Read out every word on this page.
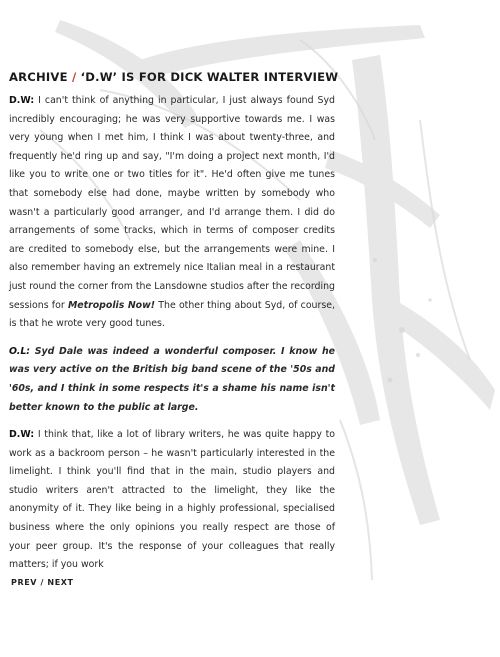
ARCHIVE / ‘D.W’ IS FOR DICK WALTER INTERVIEW

D.W: I can't think of anything in particular, I just always found Syd incredibly encouraging; he was very supportive towards me. I was very young when I met him, I think I was about twenty-three, and frequently he'd ring up and say, "I'm doing a project next month, I'd like you to write one or two titles for it". He'd often give me tunes that somebody else had done, maybe written by somebody who wasn't a particularly good arranger, and I'd arrange them. I did do arrangements of some tracks, which in terms of composer credits are credited to somebody else, but the arrangements were mine. I also remember having an extremely nice Italian meal in a restaurant just round the corner from the Lansdowne studios after the recording sessions for Metropolis Now! The other thing about Syd, of course, is that he wrote very good tunes.

O.L: Syd Dale was indeed a wonderful composer. I know he was very active on the British big band scene of the '50s and '60s, and I think in some respects it's a shame his name isn't better known to the public at large.

D.W: I think that, like a lot of library writers, he was quite happy to work as a backroom person – he wasn't particularly interested in the limelight. I think you'll find that in the main, studio players and studio writers aren't attracted to the limelight, they like the anonymity of it. They like being in a highly professional, specialised business where the only opinions you really respect are those of your peer group. It's the response of your colleagues that really matters; if you work

PREV / NEXT
